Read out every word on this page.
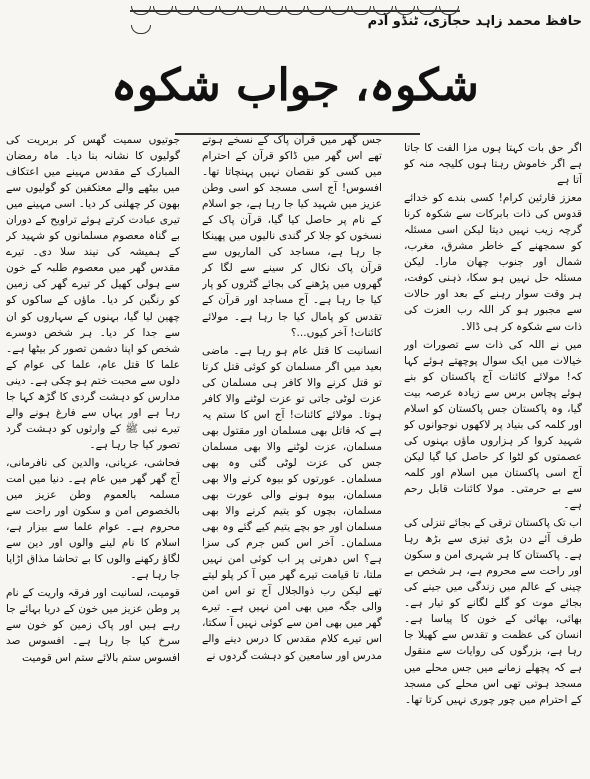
حافظ محمد زاہد حجازی، ٹنڈو آدم
شکوہ، جواب شکوہ

اگر حق بات کہتا ہوں مزا الفت کا جاتا ہے اگر خاموش رہتا ہوں کلیجہ منہ کو آتا ہے

معزز قارئین کرام! کسی بندے کو خدائے قدوس کی ذات بابرکات سے شکوہ کرنا گرچہ زیب نہیں دیتا لیکن اسی مسئلہ کو سمجھنے کے خاطر مشرق، مغرب، شمال اور جنوب چھان مارا۔ لیکن مسئلہ حل نہیں ہو سکا، ذہنی کوفت، ہر وقت سوار رہنے کے بعد اور حالات سے مجبور ہو کر اللہ رب العزت کی ذات سے شکوہ کر ہی ڈالا۔

میں نے اللہ کی ذات سے تصورات اور خیالات میں ایک سوال پوچھتے ہوئے کہا کہ! مولائے کائنات آج پاکستان کو بنے ہوئے پچاس برس سے زیادہ عرصہ بیت گیا، وہ پاکستان جس پاکستان کو اسلام اور کلمہ کی بنیاد پر لاکھوں نوجوانوں کو شہید کروا کر ہزاروں ماؤں بہنوں کی عصمتوں کو لٹوا کر حاصل کیا گیا لیکن آج اسی پاکستان میں اسلام اور کلمہ سے بے حرمتی۔ مولا کائنات قابل رحم ہے۔

اب تک پاکستان ترقی کے بجائے تنزلی کی طرف آئے دن بڑی تیزی سے بڑھ رہا ہے۔ پاکستان کا ہر شہری امن و سکون اور راحت سے محروم ہے، ہر شخص بے چینی کے عالم میں زندگی میں جینے کی بجائے موت کو گلے لگانے کو تیار ہے۔ بھائی، بھائی کے خون کا پیاسا ہے۔ انسان کی عظمت و تقدس سے کھیلا جا رہا ہے، بزرگوں کی روایات سے منقول ہے کہ پچھلے زمانے میں جس محلے میں مسجد ہوتی تھی اس محلے کی مسجد کے احترام میں چور چوری نہیں کرتا تھا۔

جس گھر میں قرآن پاک کے نسخے ہوتے تھے اس گھر میں ڈاکو قرآن کے احترام میں کسی کو نقصان نہیں پہنچاتا تھا۔ افسوس! آج اسی مسجد کو اسی وطن عزیز میں شہید کیا جا رہا ہے، جو اسلام کے نام پر حاصل کیا گیا، قرآن پاک کے نسخوں کو جلا کر گندی نالیوں میں پھینکا جا رہا ہے، مساجد کی الماریوں سے قرآن پاک نکال کر سینے سے لگا کر گھروں میں پڑھنے کی بجائے گٹروں کو پار کیا جا رہا ہے۔ آج مساجد اور قرآن کے تقدس کو پامال کیا جا رہا ہے۔ مولائے کائنات! آخر کیوں...؟

انسانیت کا قتل عام ہو رہا ہے۔ ماضی بعید میں اگر مسلمان کو کوئی قتل کرتا تو قتل کرنے والا کافر ہی مسلمان کی عزت لوٹی جاتی تو عزت لوٹنے والا کافر ہوتا۔ مولائے کائنات! آج اس کا ستم یہ ہے کہ قاتل بھی مسلمان اور مقتول بھی مسلمان، عزت لوٹنے والا بھی مسلمان جس کی عزت لوٹی گئی وہ بھی مسلمان۔ عورتوں کو بیوہ کرنے والا بھی مسلمان، بیوہ ہونے والی عورت بھی مسلمان، بچوں کو یتیم کرنے والا بھی مسلمان اور جو بچے یتیم کیے گئے وہ بھی مسلمان۔ آخر اس کس جرم کی سزا ہے؟ اس دھرتی پر اب کوئی امن نہیں ملتا، تا قیامت تیرے گھر میں آ کر پلو لیتے تھے لیکن رب ذوالجلال آج تو اس امن والی جگہ میں بھی امن نہیں ہے۔ تیرے گھر میں بھی امن سے کوئی نہیں آ سکتا، اس تیرے کلام مقدس کا درس دینے والے مدرس اور سامعین کو دہشت گردوں نے

جوتیوں سمیت گھس کر بربریت کی گولیوں کا نشانہ بنا دیا۔ ماہ رمضان المبارک کے مقدس مہینے میں اعتکاف میں بیٹھے والے معتکفین کو گولیوں سے بھون کر چھلنی کر دیا۔ اسی مہینے میں تیری عبادت کرتے ہوئے تراویح کے دوران بے گناہ معصوم مسلمانوں کو شہید کر کے ہمیشہ کی نیند سلا دی۔ تیرے مقدس گھر میں معصوم طلبہ کے خون سے ہولی کھیل کر تیرے گھر کی زمین کو رنگین کر دیا۔ ماؤں کے ساکوں کو چھین لیا گیا، بہنوں کے سہاروں کو ان سے جدا کر دیا۔ ہر شخص دوسرے شخص کو اپنا دشمن تصور کر بیٹھا ہے۔ علما کا قتل عام، علما کی عوام کے دلوں سے محبت ختم ہو چکی ہے۔ دینی مدارس کو دہشت گردی کا گڑھ کہا جا رہا ہے اور یہاں سے فارغ ہونے والے تیرے نبی ﷺ کے وارثوں کو دہشت گرد تصور کیا جا رہا ہے۔

فحاشی، عریانی، والدین کی نافرمانی، آج گھر گھر میں عام ہے۔ دنیا میں امت مسلمہ بالعموم وطن عزیز میں بالخصوص امن و سکون اور راحت سے محروم ہے۔ عوام علما سے بیزار ہے، اسلام کا نام لینے والوں اور دین سے لگاؤ رکھنے والوں کا بے تحاشا مذاق اڑایا جا رہا ہے۔

قومیت، لسانیت اور فرقہ واریت کے نام پر وطن عزیز میں خون کے دریا بہائے جا رہے ہیں اور پاک زمین کو خون سے سرخ کیا جا رہا ہے۔ افسوس صد افسوس ستم بالائے ستم اس قومیت
